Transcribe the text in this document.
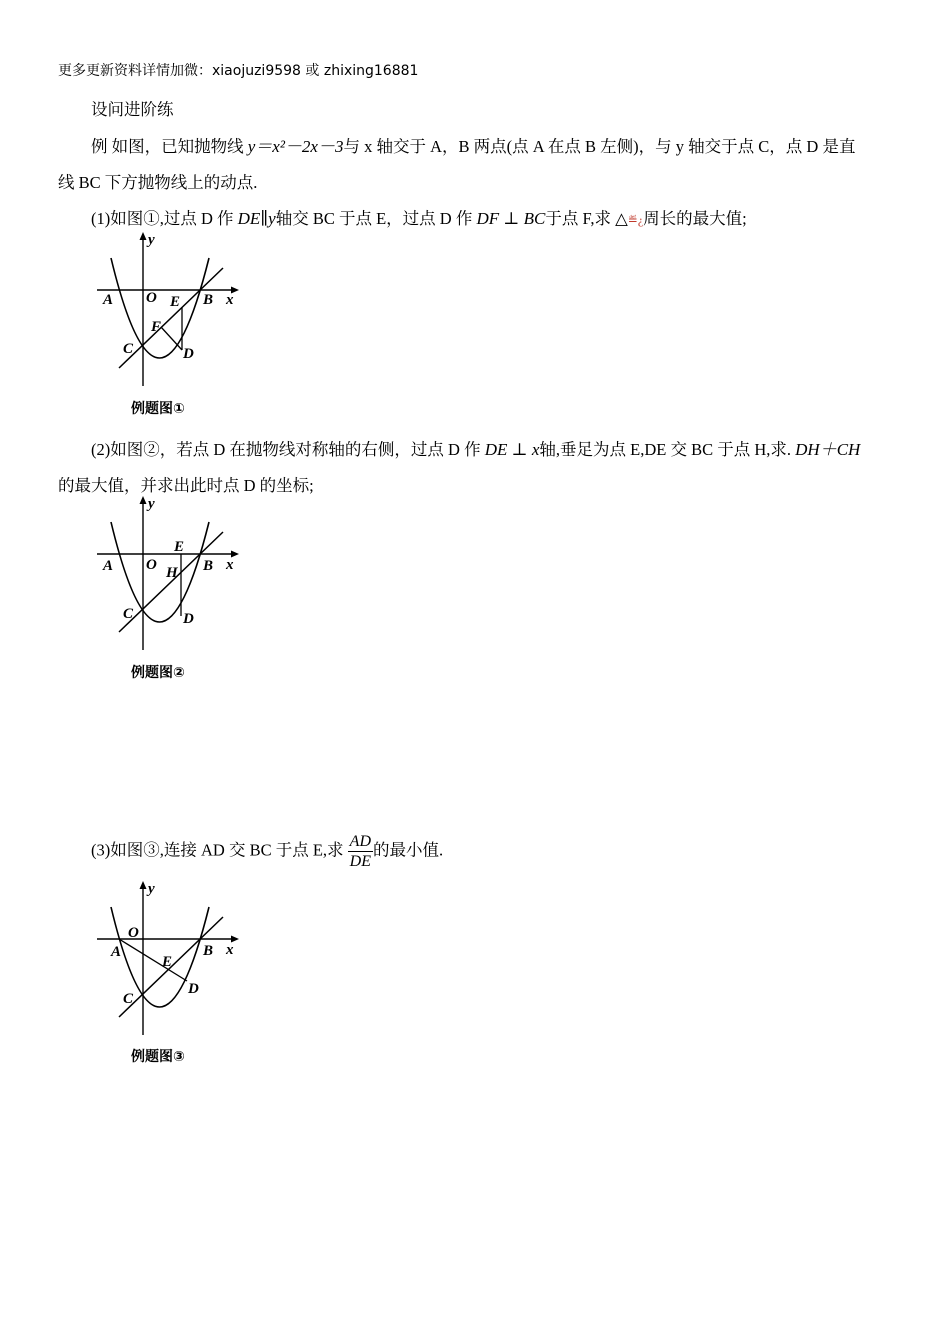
更多更新资料详情加微：xiaojuzi9598 或 zhixing16881
设问进阶练
例 如图，已知抛物线 y＝x²－2x－3与 x 轴交于 A，B 两点(点 A 在点 B 左侧)，与 y 轴交于点 C，点 D 是直
线 BC 下方抛物线上的动点.
(1)如图①,过点 D 作 DE∥y轴交 BC 于点 E，过点 D 作 DF ⊥ BC于点 F,求 △≝¿周长的最大值;
A O E B x
y
F
C	D
例题图①
(2)如图②，若点 D 在抛物线对称轴的右侧，过点 D 作 DE ⊥ x轴,垂足为点 E,DE 交 BC 于点 H,求. DH＋CH
的最大值，并求出此时点 D 的坐标;
A O
E
H B x
y
C	D
例题图②
(3)如图③,连接 AD 交 BC 于点 E,求 $\frac{AD}{DE}$ 的最小值.
A
O
E
B x
y
C
D
例题图③
